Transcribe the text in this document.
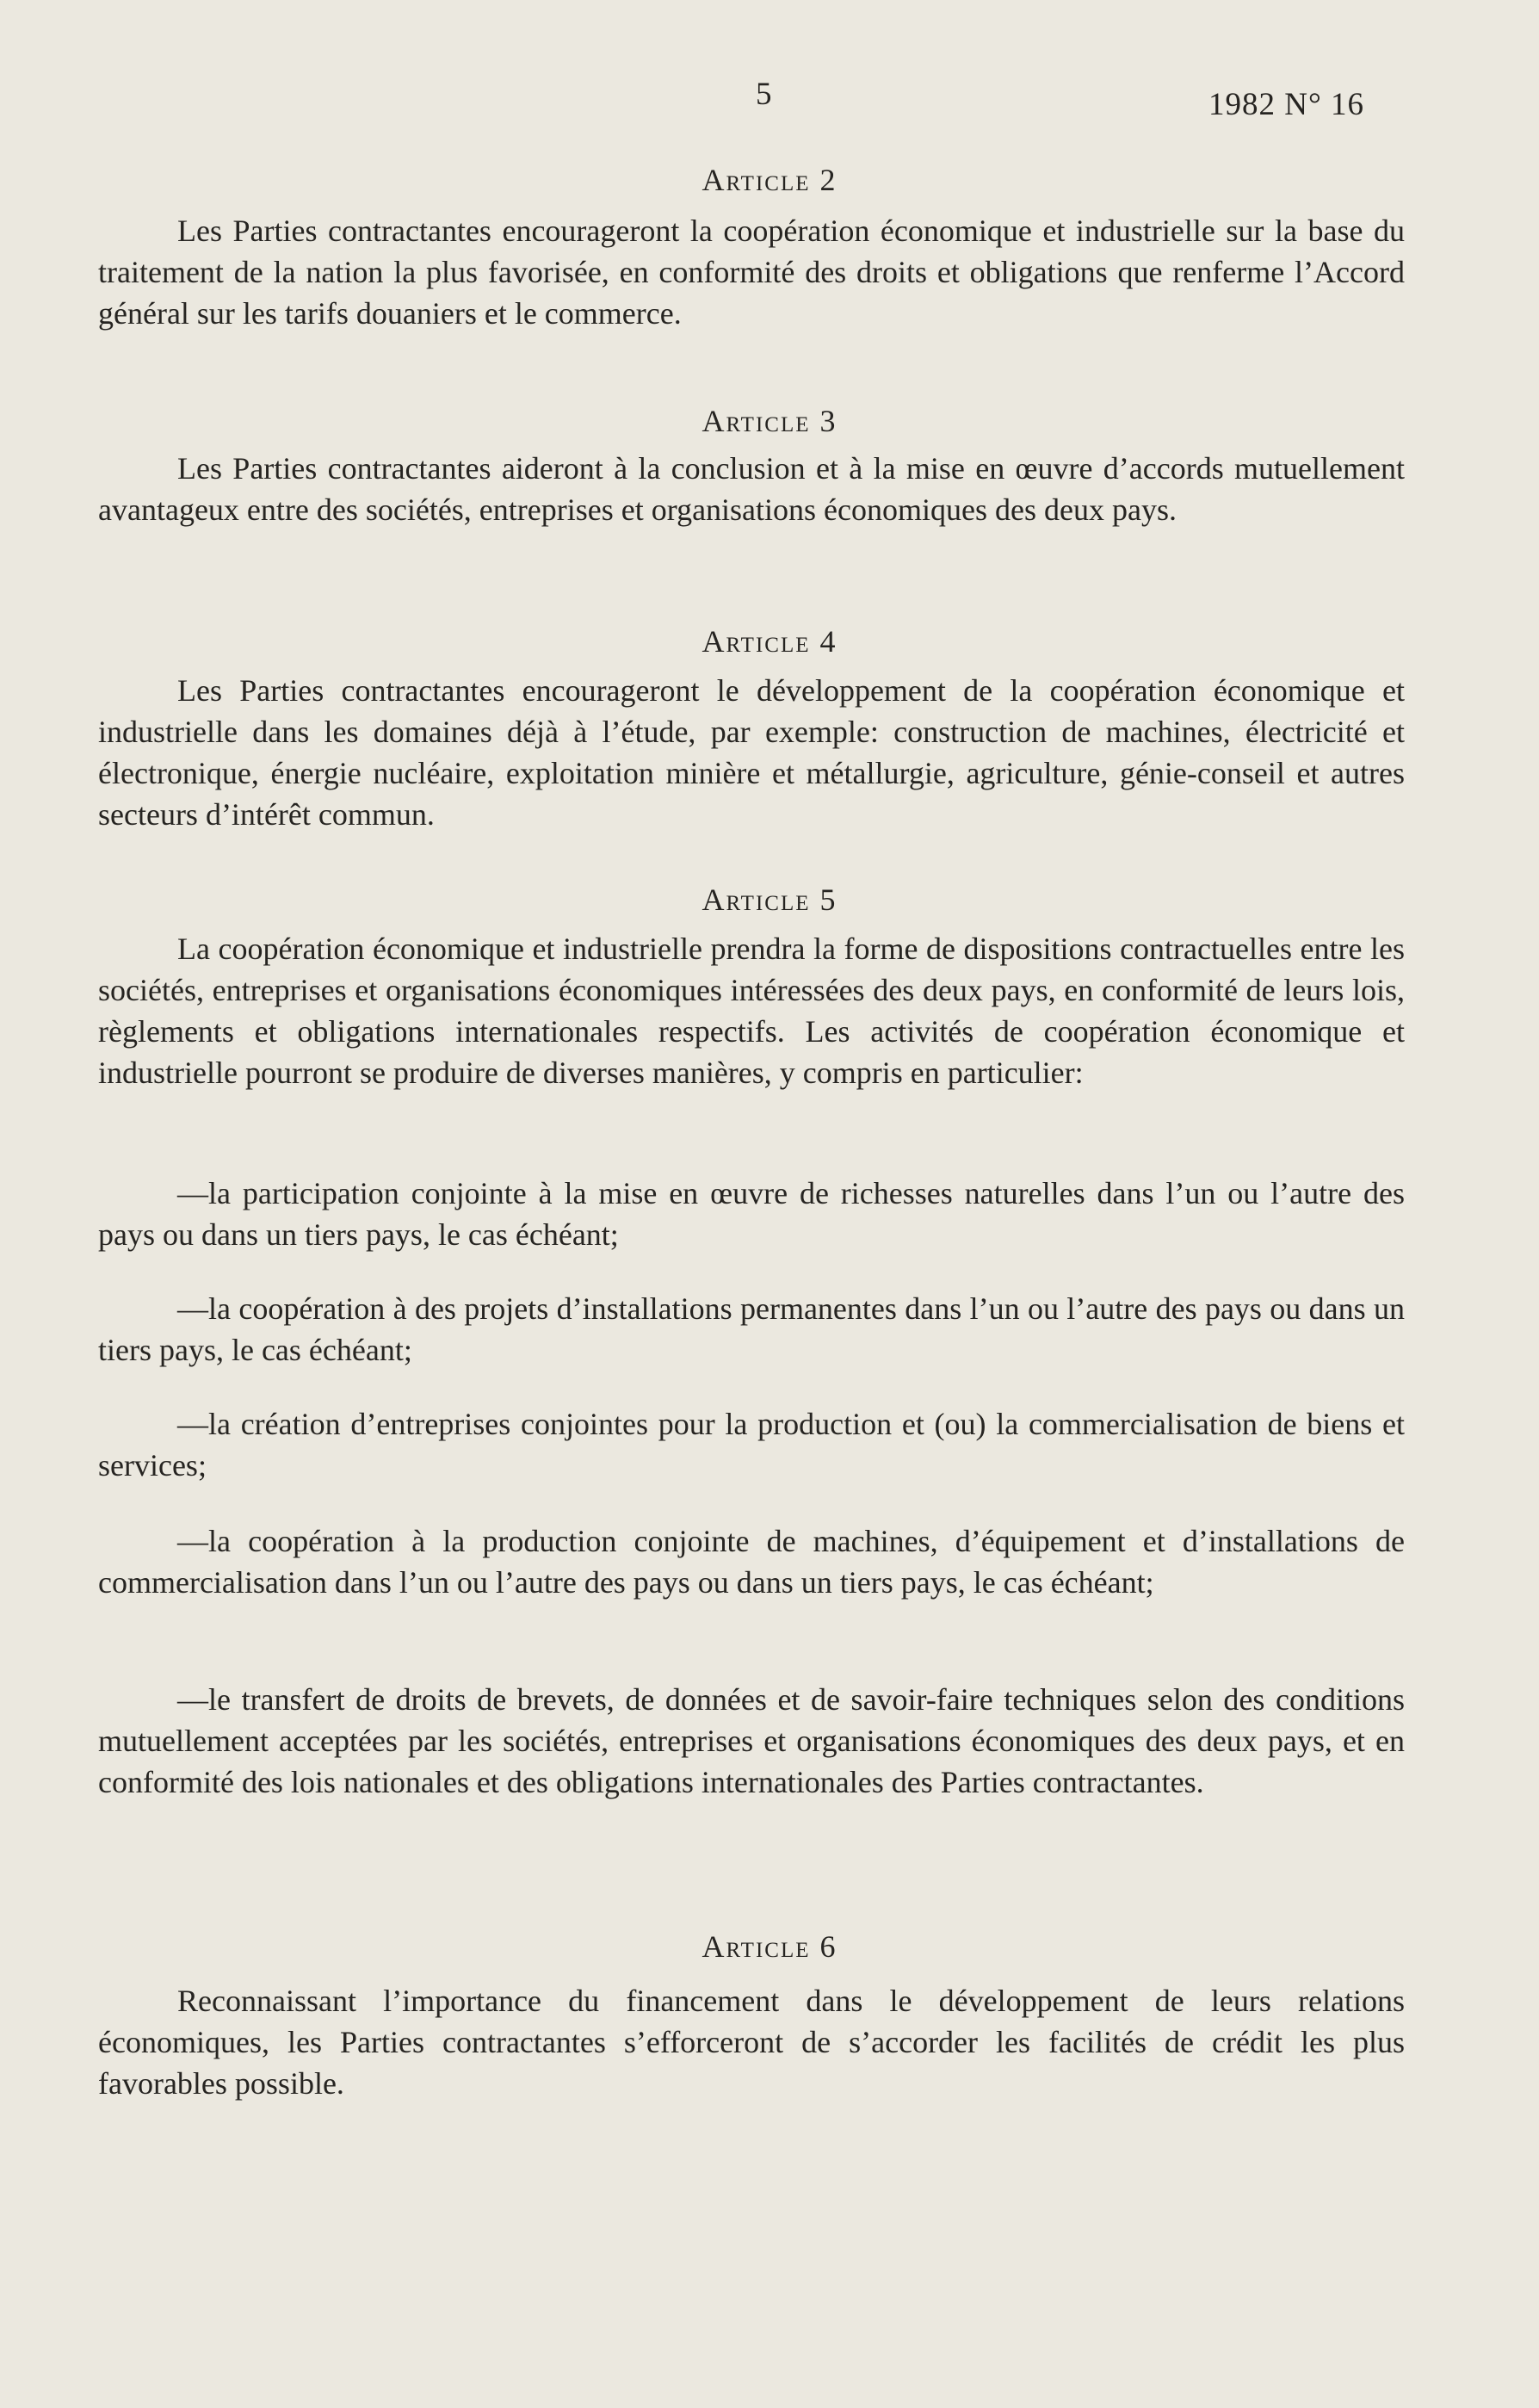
5	1982 N° 16
Article 2

Les Parties contractantes encourageront la coopération économique et industrielle sur la base du traitement de la nation la plus favorisée, en conformité des droits et obligations que renferme l’Accord général sur les tarifs douaniers et le commerce.

Article 3

Les Parties contractantes aideront à la conclusion et à la mise en œuvre d’accords mutuellement avantageux entre des sociétés, entreprises et organisations économiques des deux pays.

Article 4

Les Parties contractantes encourageront le développement de la coopération économique et industrielle dans les domaines déjà à l’étude, par exemple: construction de machines, électricité et électronique, énergie nucléaire, exploitation minière et métallurgie, agriculture, génie-conseil et autres secteurs d’intérêt commun.

Article 5

La coopération économique et industrielle prendra la forme de dispositions contractuelles entre les sociétés, entreprises et organisations économiques intéressées des deux pays, en conformité de leurs lois, règlements et obligations internationales respectifs. Les activités de coopération économique et industrielle pourront se produire de diverses manières, y compris en particulier:

—la participation conjointe à la mise en œuvre de richesses naturelles dans l’un ou l’autre des pays ou dans un tiers pays, le cas échéant;

—la coopération à des projets d’installations permanentes dans l’un ou l’autre des pays ou dans un tiers pays, le cas échéant;

—la création d’entreprises conjointes pour la production et (ou) la commercialisation de biens et services;

—la coopération à la production conjointe de machines, d’équipement et d’installations de commercialisation dans l’un ou l’autre des pays ou dans un tiers pays, le cas échéant;

—le transfert de droits de brevets, de données et de savoir-faire techniques selon des conditions mutuellement acceptées par les sociétés, entreprises et organisations économiques des deux pays, et en conformité des lois nationales et des obligations internationales des Parties contractantes.

Article 6

Reconnaissant l’importance du financement dans le développement de leurs relations économiques, les Parties contractantes s’efforceront de s’accorder les facilités de crédit les plus favorables possible.
